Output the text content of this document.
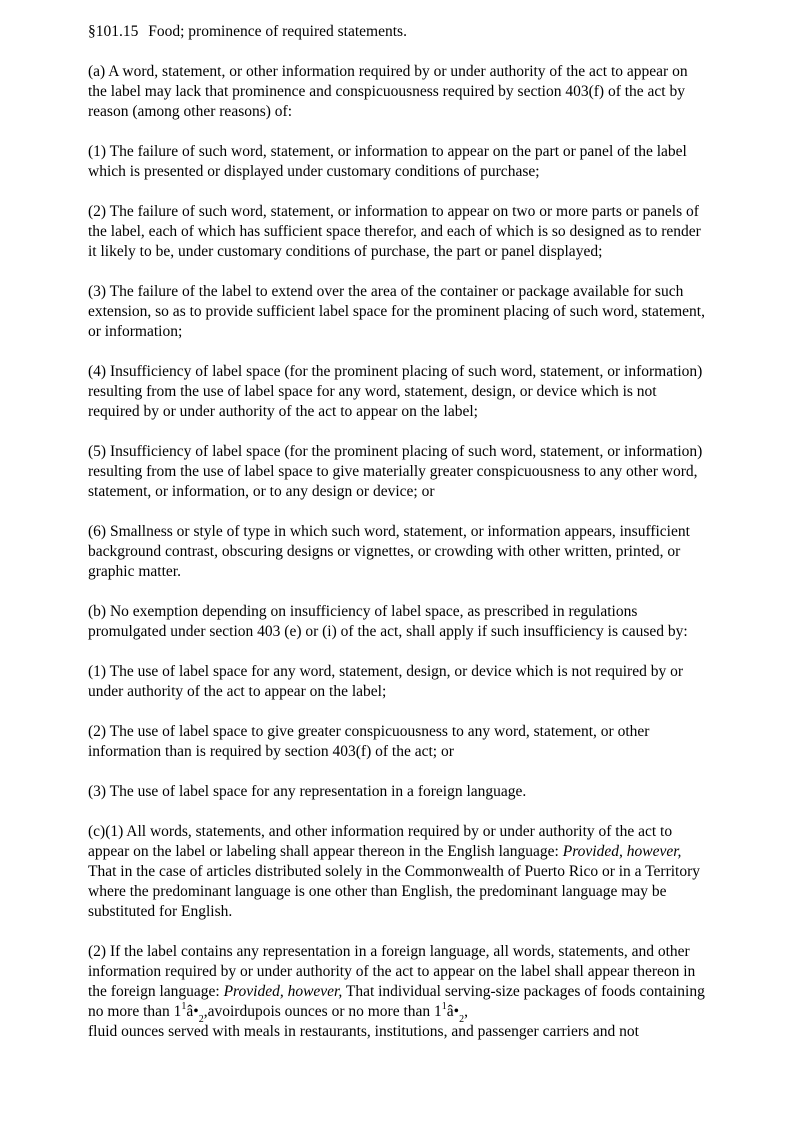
§101.15 Food; prominence of required statements.

(a) A word, statement, or other information required by or under authority of the act to appear on the label may lack that prominence and conspicuousness required by section 403(f) of the act by reason (among other reasons) of:

(1) The failure of such word, statement, or information to appear on the part or panel of the label which is presented or displayed under customary conditions of purchase;

(2) The failure of such word, statement, or information to appear on two or more parts or panels of the label, each of which has sufficient space therefor, and each of which is so designed as to render it likely to be, under customary conditions of purchase, the part or panel displayed;

(3) The failure of the label to extend over the area of the container or package available for such extension, so as to provide sufficient label space for the prominent placing of such word, statement, or information;

(4) Insufficiency of label space (for the prominent placing of such word, statement, or information) resulting from the use of label space for any word, statement, design, or device which is not required by or under authority of the act to appear on the label;

(5) Insufficiency of label space (for the prominent placing of such word, statement, or information) resulting from the use of label space to give materially greater conspicuousness to any other word, statement, or information, or to any design or device; or

(6) Smallness or style of type in which such word, statement, or information appears, insufficient background contrast, obscuring designs or vignettes, or crowding with other written, printed, or graphic matter.

(b) No exemption depending on insufficiency of label space, as prescribed in regulations promulgated under section 403 (e) or (i) of the act, shall apply if such insufficiency is caused by:

(1) The use of label space for any word, statement, design, or device which is not required by or under authority of the act to appear on the label;

(2) The use of label space to give greater conspicuousness to any word, statement, or other information than is required by section 403(f) of the act; or

(3) The use of label space for any representation in a foreign language.

(c)(1) All words, statements, and other information required by or under authority of the act to appear on the label or labeling shall appear thereon in the English language: Provided, however, That in the case of articles distributed solely in the Commonwealth of Puerto Rico or in a Territory where the predominant language is one other than English, the predominant language may be substituted for English.

(2) If the label contains any representation in a foreign language, all words, statements, and other information required by or under authority of the act to appear on the label shall appear thereon in the foreign language: Provided, however, That individual serving-size packages of foods containing no more than $1^1â•_2,avoirdupois$ ounces or no more than $1^1â•_2$,
fluid ounces served with meals in restaurants, institutions, and passenger carriers and not
